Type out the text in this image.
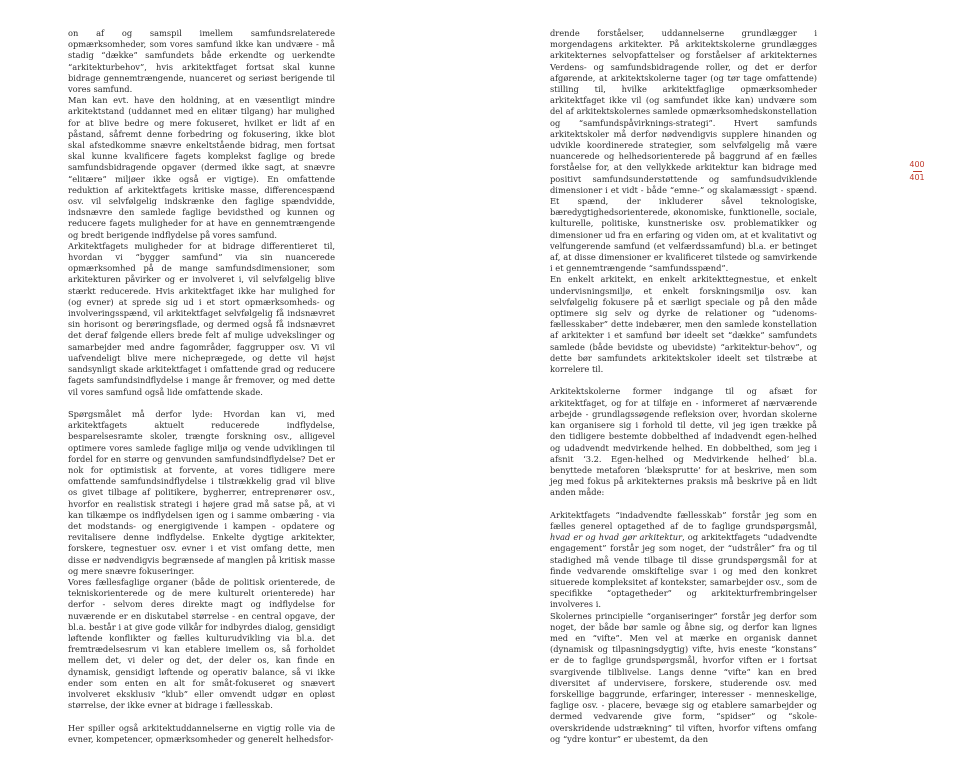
on af og samspil imellem samfundsrelaterede opmærksomheder, som vores samfund ikke kan undvære - må stadig “dække” samfundets både erkendte og uerkendte “arkitekturbehov”, hvis arkitektfaget fortsat skal kunne bidrage gennemtrængende, nuanceret og seriøst berigende til vores samfund.

Man kan evt. have den holdning, at en væsentligt mindre arkitektstand (uddannet med en elitær tilgang) har mulighed for at blive bedre og mere fokuseret, hvilket er lidt af en påstand, såfremt denne forbedring og fokusering, ikke blot skal afstedkomme snævre enkeltstående bidrag, men fortsat skal kunne kvalificere fagets komplekst faglige og brede samfundsbidragende opgaver (dermed ikke sagt, at snævre “elitære” miljøer ikke også er vigtige). En omfattende reduktion af arkitektfagets kritiske masse, differencespænd osv. vil selvfølgelig indskrænke den faglige spændvidde, indsnævre den samlede faglige bevidsthed og kunnen og reducere fagets muligheder for at have en gennemtrængende og bredt berigende indflydelse på vores samfund.

Arkitektfagets muligheder for at bidrage differentieret til, hvordan vi “bygger samfund” via sin nuancerede opmærksomhed på de mange samfundsdimensioner, som arkitekturen påvirker og er involveret i, vil selvfølgelig blive stærkt reducerede. Hvis arkitektfaget ikke har mulighed for (og evner) at sprede sig ud i et stort opmærksomheds- og involveringsspænd, vil arkitektfaget selvfølgelig få indsnævret sin horisont og berøringsflade, og dermed også få indsnævret det deraf følgende ellers brede felt af mulige udvekslinger og samarbejder med andre fagområder, faggrupper osv. Vi vil uafvendeligt blive mere nicheprægede, og dette vil højst sandsynligt skade arkitektfaget i omfattende grad og reducere fagets samfundsindflydelse i mange år fremover, og med dette vil vores samfund også lide omfattende skade.

Spørgsmålet må derfor lyde: Hvordan kan vi, med arkitektfagets aktuelt reducerede indflydelse, besparelsesramte skoler, trængte forskning osv., alligevel optimere vores samlede faglige miljø og vende udviklingen til fordel for en større og genvunden samfundsindflydelse? Det er nok for optimistisk at forvente, at vores tidligere mere omfattende samfundsindflydelse i tilstrækkelig grad vil blive os givet tilbage af politikere, bygherrer, entreprenører osv., hvorfor en realistisk strategi i højere grad må satse på, at vi kan tilkæmpe os indflydelsen igen og i samme ombæring - via det modstands- og energigivende i kampen - opdatere og revitalisere denne indflydelse. Enkelte dygtige arkitekter, forskere, tegnestuer osv. evner i et vist omfang dette, men disse er nødvendigvis begrænsede af manglen på kritisk masse og mere snævre fokuseringer.

Vores fællesfaglige organer (både de politisk orienterede, de tekniskorienterede og de mere kulturelt orienterede) har derfor - selvom deres direkte magt og indflydelse for nuværende er en diskutabel størrelse - en central opgave, der bl.a. består i at give gode vilkår for indbyrdes dialog, gensidigt løftende konflikter og fælles kulturudvikling via bl.a. det fremtrædelsesrum vi kan etablere imellem os, så forholdet mellem det, vi deler og det, der deler os, kan finde en dynamisk, gensidigt løftende og operativ balance, så vi ikke ender som enten en alt for småt-fokuseret og snævert involveret eksklusiv “klub” eller omvendt udgør en opløst størrelse, der ikke evner at bidrage i fællesskab.

Her spiller også arkitektuddannelserne en vigtig rolle via de evner, kompetencer, opmærksomheder og generelt helhedsfor-

drende forståelser, uddannelserne grundlægger i morgendagens arkitekter. På arkitektskolerne grundlægges arkitekternes selvopfattelser og forståelser af arkitekternes Verdens- og samfundsbidragende roller, og det er derfor afgørende, at arkitektskolerne tager (og tør tage omfattende) stilling til, hvilke arkitektfaglige opmærksomheder arkitektfaget ikke vil (og samfundet ikke kan) undvære som del af arkitektskolernes samlede opmærksomhedskonstellation og “samfundspåvirknings-strategi”. Hvert samfunds arkitektskoler må derfor nødvendigvis supplere hinanden og udvikle koordinerede strategier, som selvfølgelig må være nuancerede og helhedsorienterede på baggrund af en fælles forståelse for, at den vellykkede arkitektur kan bidrage med positivt samfundsunderstøttende og samfundsudviklende dimensioner i et vidt - både “emne-” og skalamæssigt - spænd. Et spænd, der inkluderer såvel teknologiske, bæredygtighedsorienterede, økonomiske, funktionelle, sociale, kulturelle, politiske, kunstneriske osv. problematikker og dimensioner ud fra en erfaring og viden om, at et kvalitativt og velfungerende samfund (et velfærdssamfund) bl.a. er betinget af, at disse dimensioner er kvalificeret tilstede og samvirkende i et gennemtrængende “samfundsspænd”.

En enkelt arkitekt, en enkelt arkitekttegnestue, et enkelt undervisningsmiljø, et enkelt forskningsmiljø osv. kan selvfølgelig fokusere på et særligt speciale og på den måde optimere sig selv og dyrke de relationer og “udenoms-fællesskaber” dette indebærer, men den samlede konstellation af arkitekter i et samfund bør ideelt set “dække” samfundets samlede (både bevidste og ubevidste) “arkitektur-behov”, og dette bør samfundets arkitektskoler ideelt set tilstræbe at korrelere til.

Arkitektskolerne former indgange til og afsæt for arkitektfaget, og for at tilføje en - informeret af nærværende arbejde - grundlagssøgende refleksion over, hvordan skolerne kan organisere sig i forhold til dette, vil jeg igen trække på den tidligere bestemte dobbelthed af indadvendt egen-helhed og udadvendt medvirkende helhed. En dobbelthed, som jeg i afsnit ‘3.2. Egen-helhed og Medvirkende helhed’ bl.a. benyttede metaforen ‘blæksprutte’ for at beskrive, men som jeg med fokus på arkitekternes praksis må beskrive på en lidt anden måde:

Arkitektfagets “indadvendte fællesskab” forstår jeg som en fælles generel optagethed af de to faglige grundspørgsmål, hvad er og hvad gør arkitektur, og arkitektfagets “udadvendte engagement” forstår jeg som noget, der “udstråler” fra og til stadighed må vende tilbage til disse grundspørgsmål for at finde vedvarende omskiftelige svar i og med den konkret situerede kompleksitet af kontekster, samarbejder osv., som de specifikke “optagetheder” og arkitekturfrembringelser involveres i.

Skolernes principielle “organiseringer” forstår jeg derfor som noget, der både bør samle og åbne sig, og derfor kan lignes med en “vifte”. Men vel at mærke en organisk dannet (dynamisk og tilpasningsdygtig) vifte, hvis eneste “konstans” er de to faglige grundspørgsmål, hvorfor viften er i fortsat svargivende tilblivelse. Langs denne “vifte” kan en bred diversitet af undervisere, forskere, studerende osv. med forskellige baggrunde, erfaringer, interesser - menneskelige, faglige osv. - placere, bevæge sig og etablere samarbejder og dermed vedvarende give form, “spidser” og “skole-overskridende udstrækning” til viften, hvorfor viftens omfang og “ydre kontur” er ubestemt, da den

400
401
